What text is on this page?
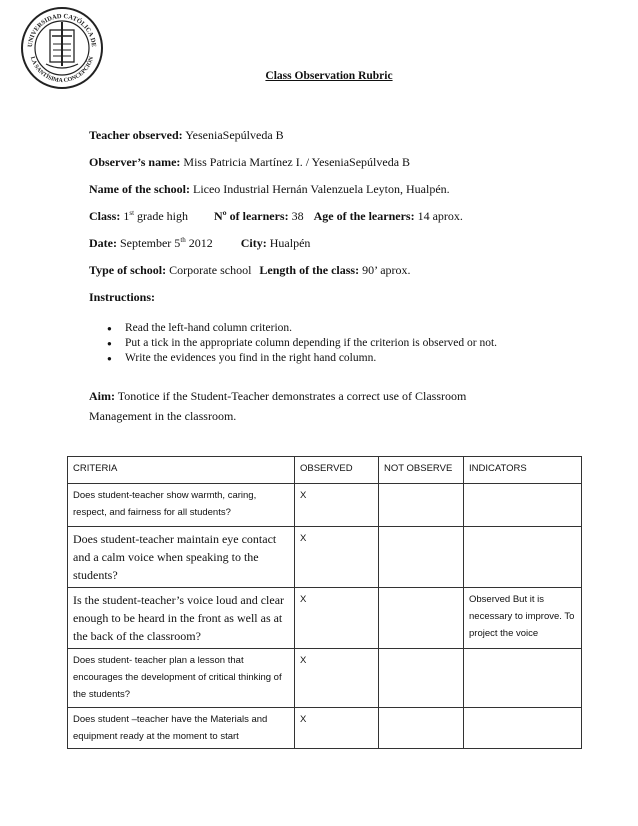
UNIVERSIDAD CATÓLICA DE
LA SANTÍSIMA CONCEPCIÓN
Class Observation Rubric
Teacher observed: YeseniaSepúlveda B
Observer’s name: Miss Patricia Martínez I. / YeseniaSepúlveda B
Name of the school: Liceo Industrial Hernán Valenzuela Leyton, Hualpén.
Class: 1st grade high Nº of learners: 38 Age of the learners: 14 aprox.
Date: September 5th 2012 City: Hualpén
Type of school: Corporate school Length of the class: 90’ aprox.
Instructions:
● Read the left-hand column criterion.
● Put a tick in the appropriate column depending if the criterion is observed or not.
● Write the evidences you find in the right hand column.
Aim: Tonotice if the Student-Teacher demonstrates a correct use of Classroom Management in the classroom.
CRITERIA	OBSERVED	NOT OBSERVE	INDICATORS
Does student-teacher show warmth, caring, respect, and fairness for all students?	X		
Does student-teacher maintain eye contact and a calm voice when speaking to the students?	X		
Is the student-teacher’s voice loud and clear enough to be heard in the front as well as at the back of the classroom?	X		Observed But it is necessary to improve. To project the voice
Does student- teacher plan a lesson that encourages the development of critical thinking of the students?	X		
Does student –teacher have the Materials and equipment ready at the moment to start	X		
